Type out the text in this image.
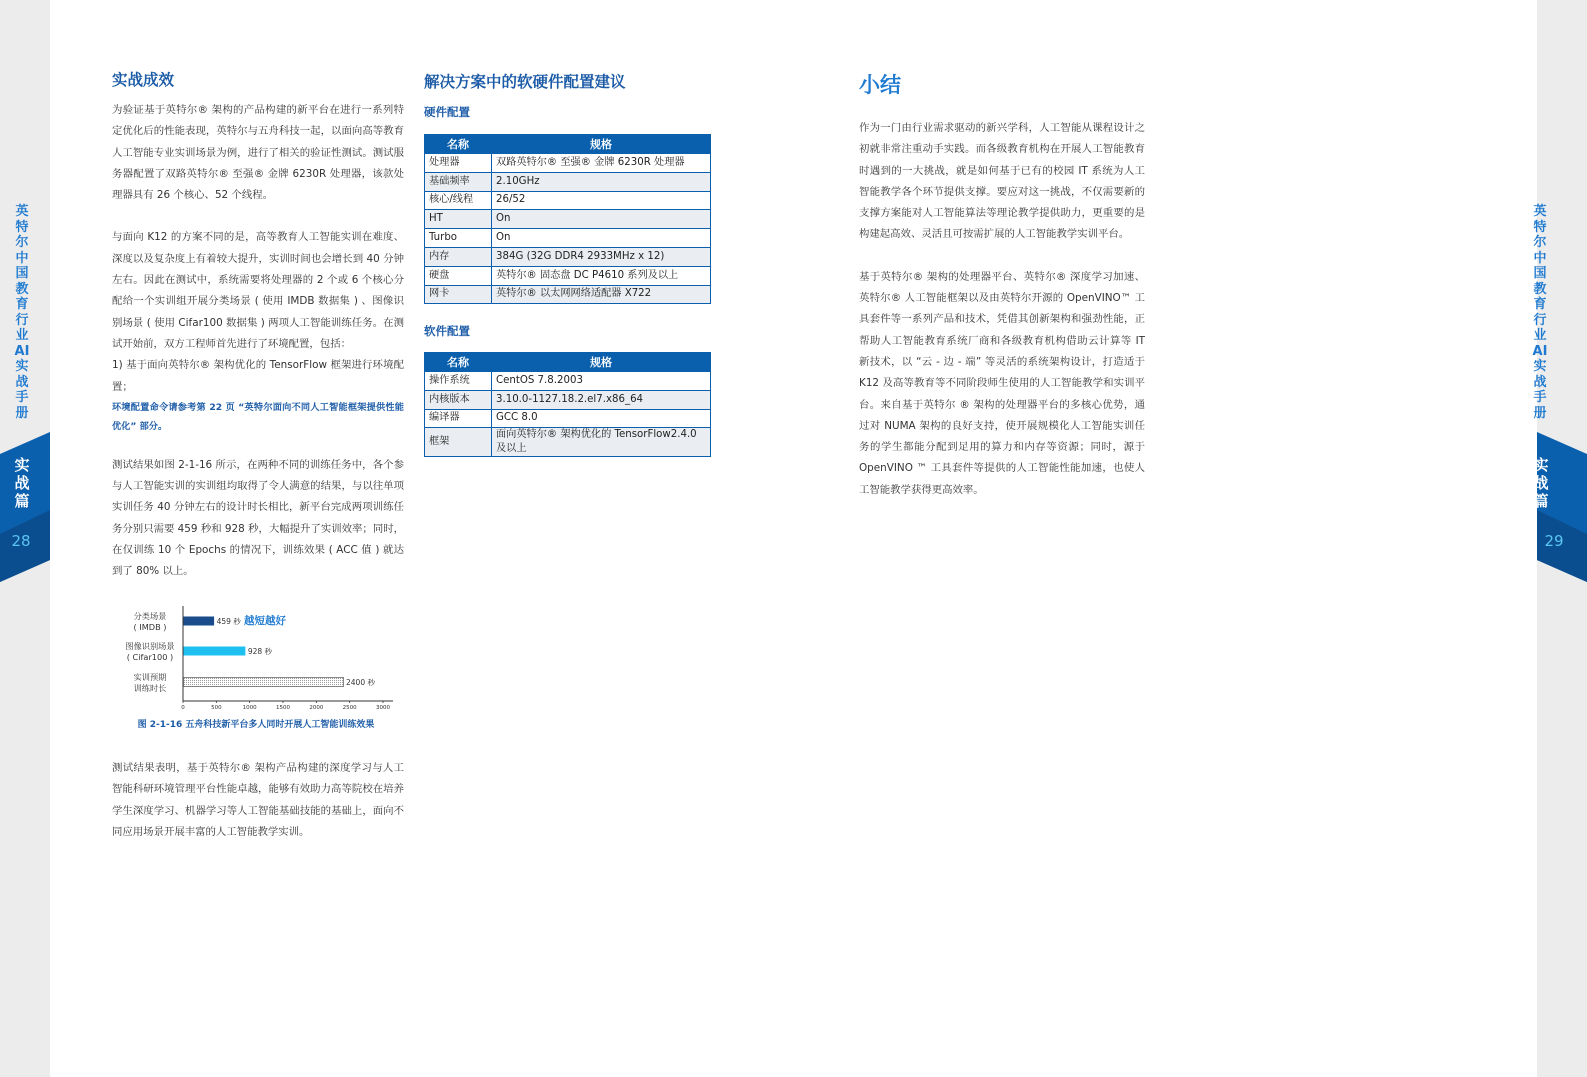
英
特
尔
中
国
教
育
行
业
AI
实
战
手
册
英
特
尔
中
国
教
育
行
业
AI
实
战
手
册
实
战
篇
28
实
战
篇
29
实战成效

为验证基于英特尔® 架构的产品构建的新平台在进行一系列特定优化后的性能表现，英特尔与五舟科技一起，以面向高等教育人工智能专业实训场景为例，进行了相关的验证性测试。测试服务器配置了双路英特尔® 至强® 金牌 6230R 处理器，该款处理器具有 26 个核心、52 个线程。

与面向 K12 的方案不同的是，高等教育人工智能实训在难度、深度以及复杂度上有着较大提升，实训时间也会增长到 40 分钟左右。因此在测试中，系统需要将处理器的 2 个或 6 个核心分配给一个实训组开展分类场景 ( 使用 IMDB 数据集 ) 、图像识别场景 ( 使用 Cifar100 数据集 ) 两项人工智能训练任务。在测试开始前，双方工程师首先进行了环境配置，包括：

1) 基于面向英特尔® 架构优化的 TensorFlow 框架进行环境配置；

环境配置命令请参考第 22 页 “英特尔面向不同人工智能框架提供性能优化” 部分。

测试结果如图 2-1-16 所示，在两种不同的训练任务中，各个参与人工智能实训的实训组均取得了令人满意的结果，与以往单项实训任务 40 分钟左右的设计时长相比，新平台完成两项训练任务分别只需要 459 秒和 928 秒，大幅提升了实训效率；同时，在仅训练 10 个 Epochs 的情况下，训练效果 ( ACC 值 ) 就达到了 80% 以上。

越短越好
459 秒
分类场景
( IMDB )
928 秒
图像识别场景
( Cifar100 )
2400 秒
实训预期
训练时长
0	500	1000	1500	2000	2500	3000
图 2-1-16 五舟科技新平台多人同时开展人工智能训练效果

测试结果表明，基于英特尔® 架构产品构建的深度学习与人工智能科研环境管理平台性能卓越，能够有效助力高等院校在培养学生深度学习、机器学习等人工智能基础技能的基础上，面向不同应用场景开展丰富的人工智能教学实训。

解决方案中的软硬件配置建议
硬件配置
名称	规格
处理器	双路英特尔® 至强® 金牌 6230R 处理器
基础频率	2.10GHz
核心/线程	26/52
HT	On
Turbo	On
内存	384G (32G DDR4 2933MHz x 12)
硬盘	英特尔® 固态盘 DC P4610 系列及以上
网卡	英特尔® 以太网网络适配器 X722
软件配置
名称	规格
操作系统	CentOS 7.8.2003
内核版本	3.10.0-1127.18.2.el7.x86_64
编译器	GCC 8.0
框架	面向英特尔® 架构优化的 TensorFlow2.4.0 及以上
小结

作为一门由行业需求驱动的新兴学科，人工智能从课程设计之初就非常注重动手实践。而各级教育机构在开展人工智能教育时遇到的一大挑战，就是如何基于已有的校园 IT 系统为人工智能教学各个环节提供支撑。要应对这一挑战，不仅需要新的支撑方案能对人工智能算法等理论教学提供助力，更重要的是构建起高效、灵活且可按需扩展的人工智能教学实训平台。

基于英特尔® 架构的处理器平台、英特尔® 深度学习加速、英特尔® 人工智能框架以及由英特尔开源的 OpenVINO™ 工具套件等一系列产品和技术，凭借其创新架构和强劲性能，正帮助人工智能教育系统厂商和各级教育机构借助云计算等 IT 新技术，以 “云 - 边 - 端” 等灵活的系统架构设计，打造适于 K12 及高等教育等不同阶段师生使用的人工智能教学和实训平台。来自基于英特尔 ® 架构的处理器平台的多核心优势，通过对 NUMA 架构的良好支持，使开展规模化人工智能实训任务的学生都能分配到足用的算力和内存等资源；同时，源于 OpenVINO ™ 工具套件等提供的人工智能性能加速，也使人工智能教学获得更高效率。
